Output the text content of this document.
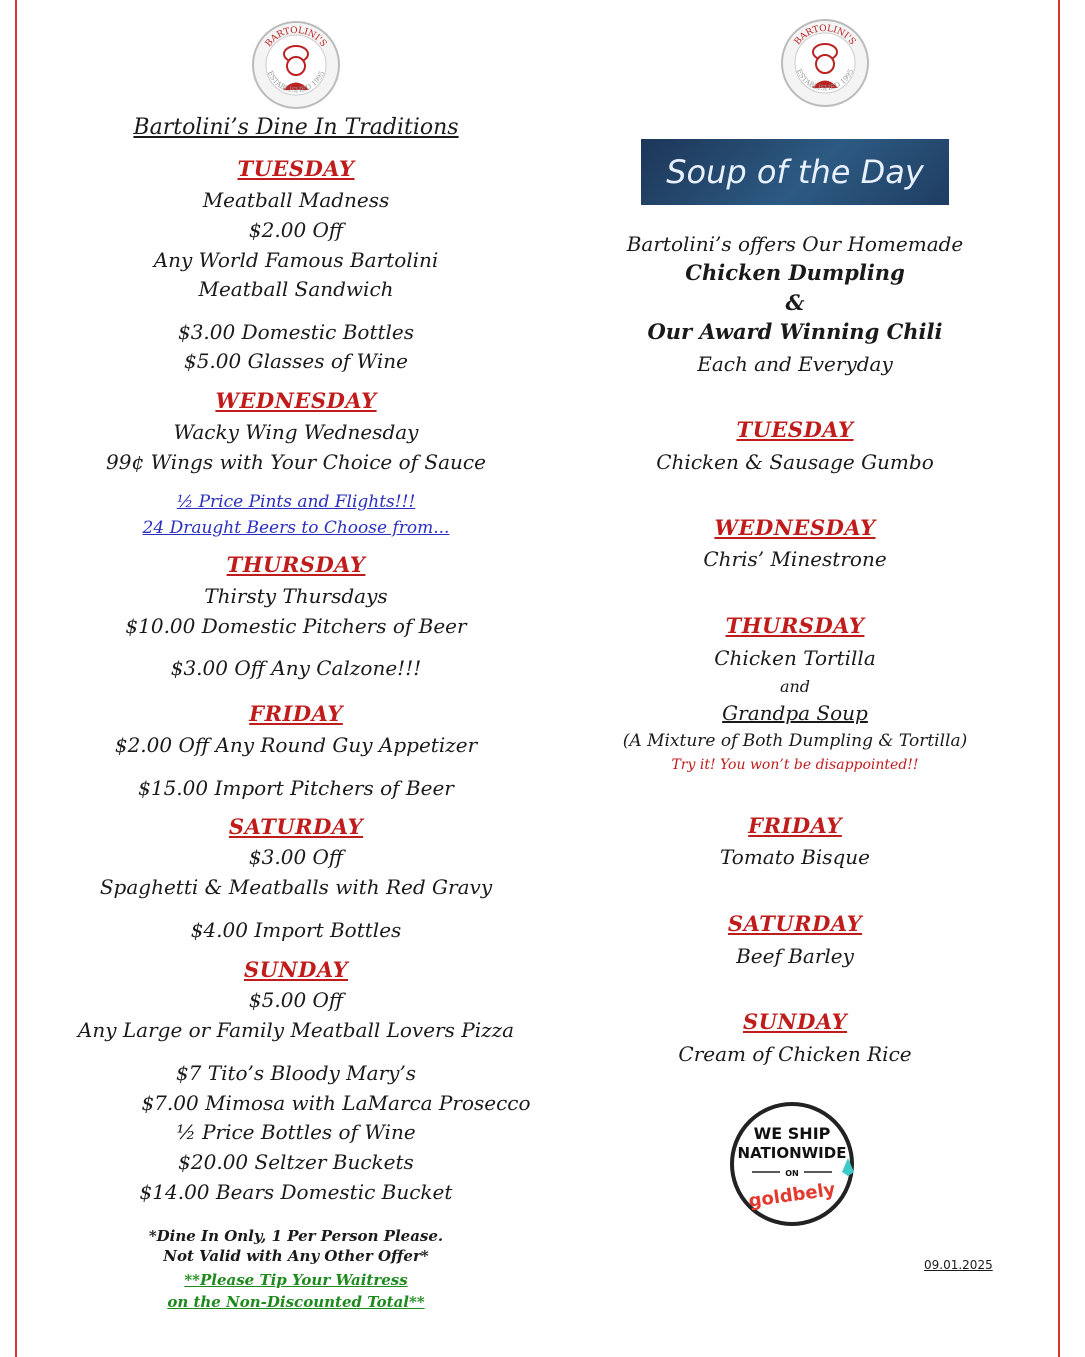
BARTOLINI'S
ESTABLISHED 1995
Bartolini’s Dine In Traditions
TUESDAY
Meatball Madness
$2.00 Off
Any World Famous Bartolini
Meatball Sandwich
$3.00 Domestic Bottles
$5.00 Glasses of Wine
WEDNESDAY
Wacky Wing Wednesday
99¢ Wings with Your Choice of Sauce
½ Price Pints and Flights!!!
24 Draught Beers to Choose from...
THURSDAY
Thirsty Thursdays
$10.00 Domestic Pitchers of Beer
$3.00 Off Any Calzone!!!
FRIDAY
$2.00 Off Any Round Guy Appetizer
$15.00 Import Pitchers of Beer
SATURDAY
$3.00 Off
Spaghetti & Meatballs with Red Gravy
$4.00 Import Bottles
SUNDAY
$5.00 Off
Any Large or Family Meatball Lovers Pizza
$7 Tito’s Bloody Mary’s
$7.00 Mimosa with LaMarca Prosecco
½ Price Bottles of Wine
$20.00 Seltzer Buckets
$14.00 Bears Domestic Bucket
*Dine In Only, 1 Per Person Please.
Not Valid with Any Other Offer*
**Please Tip Your Waitress
on the Non-Discounted Total**
BARTOLINI'S
ESTABLISHED 1995
Soup of the Day
Bartolini’s offers Our Homemade
Chicken Dumpling
&
Our Award Winning Chili
Each and Everyday
TUESDAY
Chicken & Sausage Gumbo
WEDNESDAY
Chris’ Minestrone
THURSDAY
Chicken Tortilla
and
Grandpa Soup
(A Mixture of Both Dumpling & Tortilla)
Try it! You won’t be disappointed!!
FRIDAY
Tomato Bisque
SATURDAY
Beef Barley
SUNDAY
Cream of Chicken Rice
WE SHIP
NATIONWIDE
ON
goldbely
09.01.2025
